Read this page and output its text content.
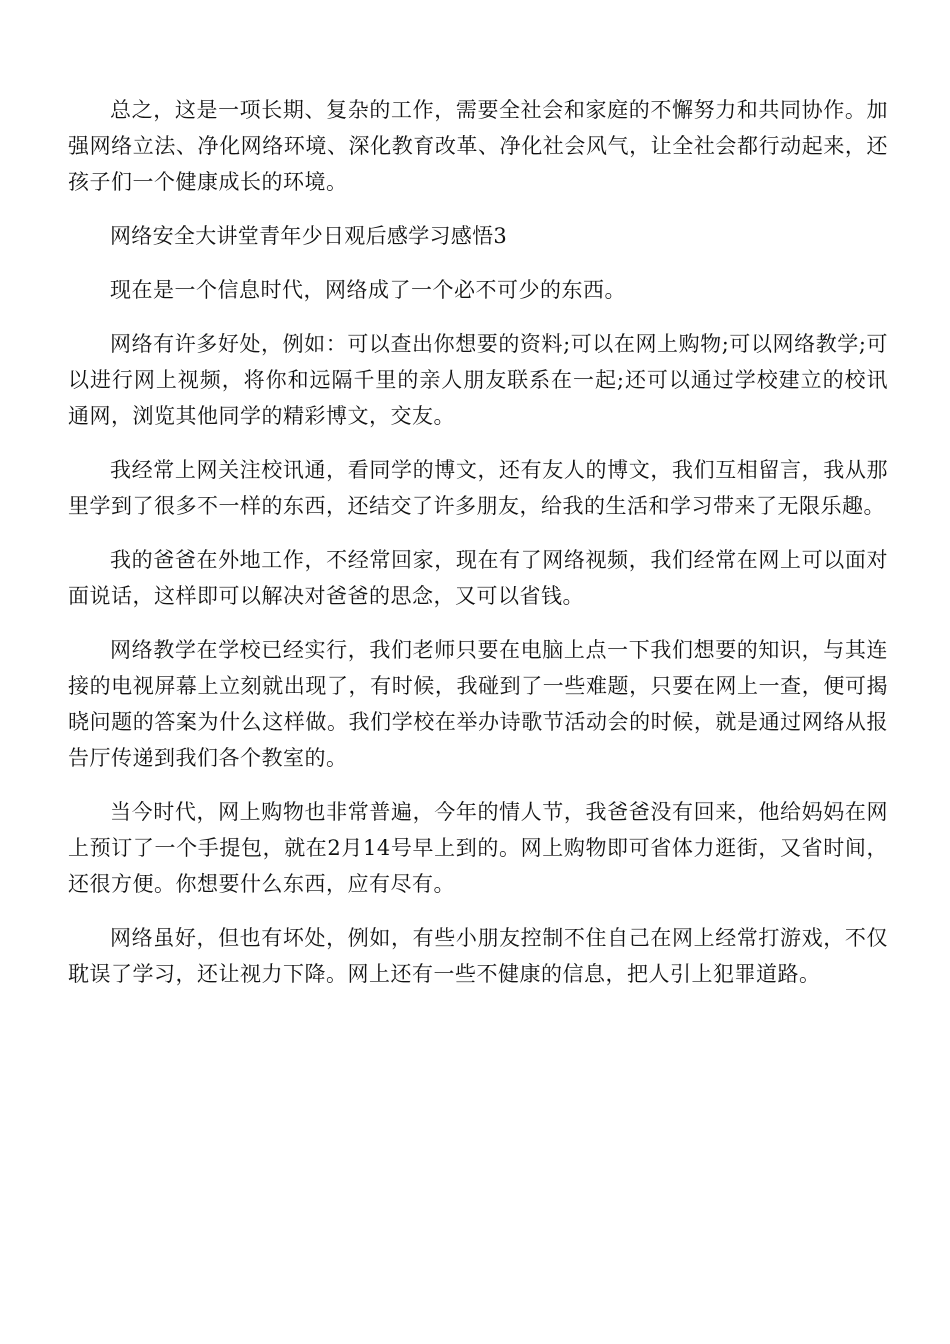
总之，这是一项长期、复杂的工作，需要全社会和家庭的不懈努力和共同协作。加强网络立法、净化网络环境、深化教育改革、净化社会风气，让全社会都行动起来，还孩子们一个健康成长的环境。

网络安全大讲堂青年少日观后感学习感悟3

现在是一个信息时代，网络成了一个必不可少的东西。

网络有许多好处，例如：可以查出你想要的资料;可以在网上购物;可以网络教学;可以进行网上视频，将你和远隔千里的亲人朋友联系在一起;还可以通过学校建立的校讯通网，浏览其他同学的精彩博文，交友。

我经常上网关注校讯通，看同学的博文，还有友人的博文，我们互相留言，我从那里学到了很多不一样的东西，还结交了许多朋友，给我的生活和学习带来了无限乐趣。

我的爸爸在外地工作，不经常回家，现在有了网络视频，我们经常在网上可以面对面说话，这样即可以解决对爸爸的思念，又可以省钱。

网络教学在学校已经实行，我们老师只要在电脑上点一下我们想要的知识，与其连接的电视屏幕上立刻就出现了，有时候，我碰到了一些难题，只要在网上一查，便可揭晓问题的答案为什么这样做。我们学校在举办诗歌节活动会的时候，就是通过网络从报告厅传递到我们各个教室的。

当今时代，网上购物也非常普遍，今年的情人节，我爸爸没有回来，他给妈妈在网上预订了一个手提包，就在2月14号早上到的。网上购物即可省体力逛街，又省时间，还很方便。你想要什么东西，应有尽有。

网络虽好，但也有坏处，例如，有些小朋友控制不住自己在网上经常打游戏，不仅耽误了学习，还让视力下降。网上还有一些不健康的信息，把人引上犯罪道路。
